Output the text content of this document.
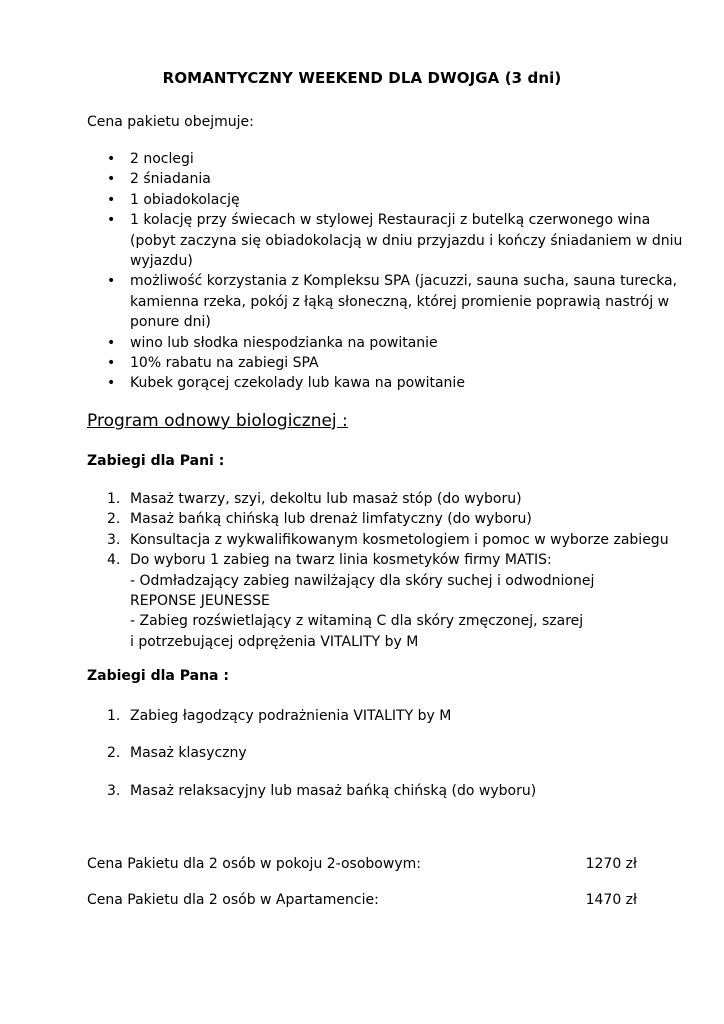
ROMANTYCZNY WEEKEND DLA DWOJGA (3 dni)
Cena pakietu obejmuje:
• 2 noclegi
• 2 śniadania
• 1 obiadokolację
• 1 kolację przy świecach w stylowej Restauracji z butelką czerwonego wina (pobyt zaczyna się obiadokolacją w dniu przyjazdu i kończy śniadaniem w dniu wyjazdu)
• możliwość korzystania z Kompleksu SPA (jacuzzi, sauna sucha, sauna turecka, kamienna rzeka, pokój z łąką słoneczną, której promienie poprawią nastrój w ponure dni)
• wino lub słodka niespodzianka na powitanie
• 10% rabatu na zabiegi SPA
• Kubek gorącej czekolady lub kawa na powitanie
Program odnowy biologicznej :
Zabiegi dla Pani :
1. Masaż twarzy, szyi, dekoltu lub masaż stóp (do wyboru)
2. Masaż bańką chińską lub drenaż limfatyczny (do wyboru)
3. Konsultacja z wykwalifikowanym kosmetologiem i pomoc w wyborze zabiegu
4. Do wyboru 1 zabieg na twarz linia kosmetyków firmy MATIS:
- Odmładzający zabieg nawilżający dla skóry suchej i odwodnionej
REPONSE JEUNESSE
- Zabieg rozświetlający z witaminą C dla skóry zmęczonej, szarej
i potrzebującej odprężenia VITALITY by M
Zabiegi dla Pana :
1. Zabieg łagodzący podrażnienia VITALITY by M
2. Masaż klasyczny
3. Masaż relaksacyjny lub masaż bańką chińską (do wyboru)
Cena Pakietu dla 2 osób w pokoju 2-osobowym:	1270 zł
Cena Pakietu dla 2 osób w Apartamencie:	1470 zł
